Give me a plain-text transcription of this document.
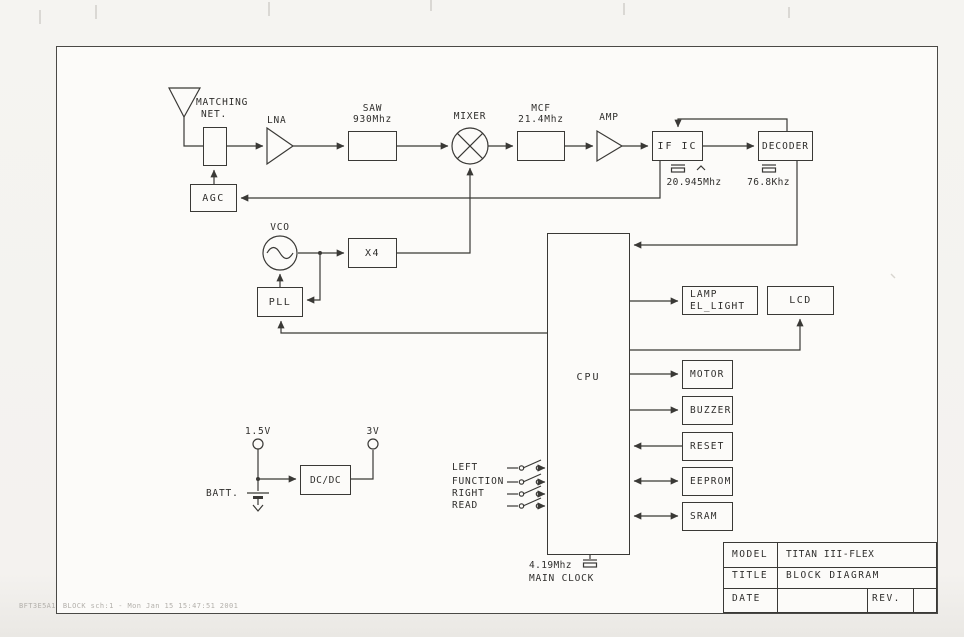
IF IC	DECODER
AGC
X4
PLL
CPU
LAMP
EL_LIGHT	LCD
MOTOR
BUZZER
RESET
EEPROM
SRAM
DC/DC
MATCHING
NET.
LNA
SAW
930Mhz	MIXER
MCF
21.4Mhz	AMP
20.945Mhz	76.8Khz
VCO
1.5V	3V
BATT.
LEFT
FUNCTION
RIGHT
READ
4.19Mhz
MAIN CLOCK
MODEL TITAN III-FLEX
TITLE BLOCK DIAGRAM
DATE	REV.
BFT3E5A1 BLOCK sch:1 - Mon Jan 15 15:47:51 2001
